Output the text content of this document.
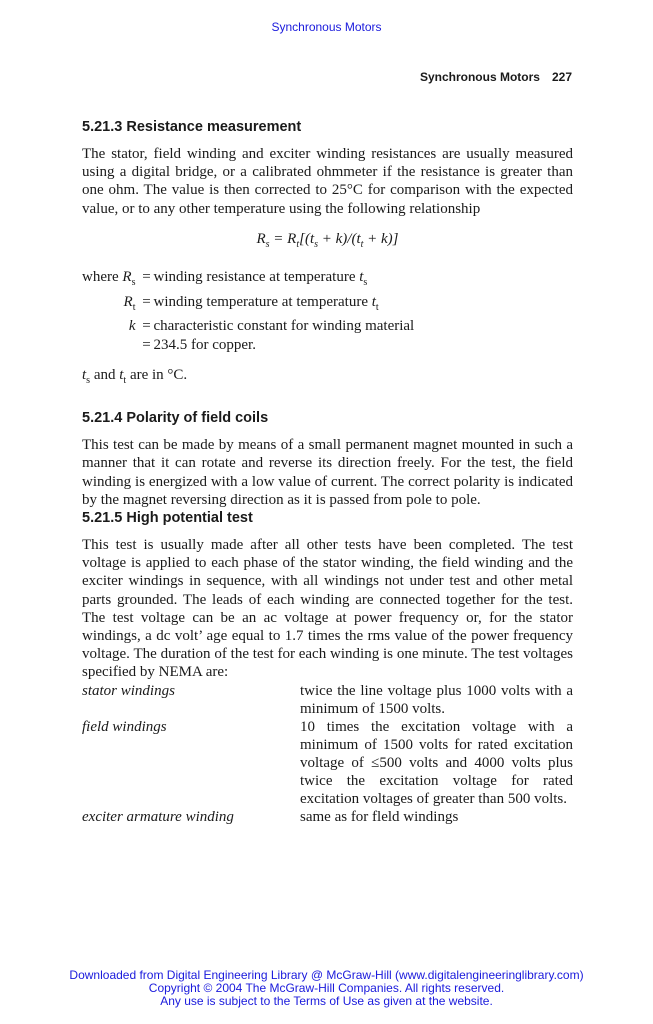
Synchronous Motors
Synchronous Motors 227
5.21.3 Resistance measurement

The stator, field winding and exciter winding resistances are usually measured using a digital bridge, or a calibrated ohmmeter if the resistance is greater than one ohm. The value is then corrected to 25°C for comparison with the expected value, or to any other temperature using the following relationship

$R_s = R_t[(t_s + k)/(t_t + k)]$
where $R_s$	=	winding resistance at temperature $t_s$
$R_t$	=	winding temperature at temperature $t_t$
k	=	characteristic constant for winding material
	=	234.5 for copper.
$t_s$ and $t_t$ are in °C.
5.21.4 Polarity of field coils

This test can be made by means of a small permanent magnet mounted in such a manner that it can rotate and reverse its direction freely. For the test, the field winding is energized with a low value of current. The correct polarity is indicated by the magnet reversing direction as it is passed from pole to pole.

5.21.5 High potential test

This test is usually made after all other tests have been completed. The test voltage is applied to each phase of the stator winding, the field winding and the exciter windings in sequence, with all windings not under test and other metal parts grounded. The leads of each winding are connected together for the test. The test voltage can be an ac voltage at power frequency or, for the stator windings, a dc volt’ age equal to 1.7 times the rms value of the power frequency voltage. The duration of the test for each winding is one minute. The test voltages specified by NEMA are:

stator windings	twice the line voltage plus 1000 volts with a minimum of 1500 volts.
field windings	10 times the excitation voltage with a minimum of 1500 volts for rated excitation voltage of ≤500 volts and 4000 volts plus twice the excitation voltage for rated excitation voltages of greater than 500 volts.
exciter armature winding	same as for fleld windings
Downloaded from Digital Engineering Library @ McGraw-Hill (www.digitalengineeringlibrary.com)
Copyright © 2004 The McGraw-Hill Companies. All rights reserved.
Any use is subject to the Terms of Use as given at the website.
